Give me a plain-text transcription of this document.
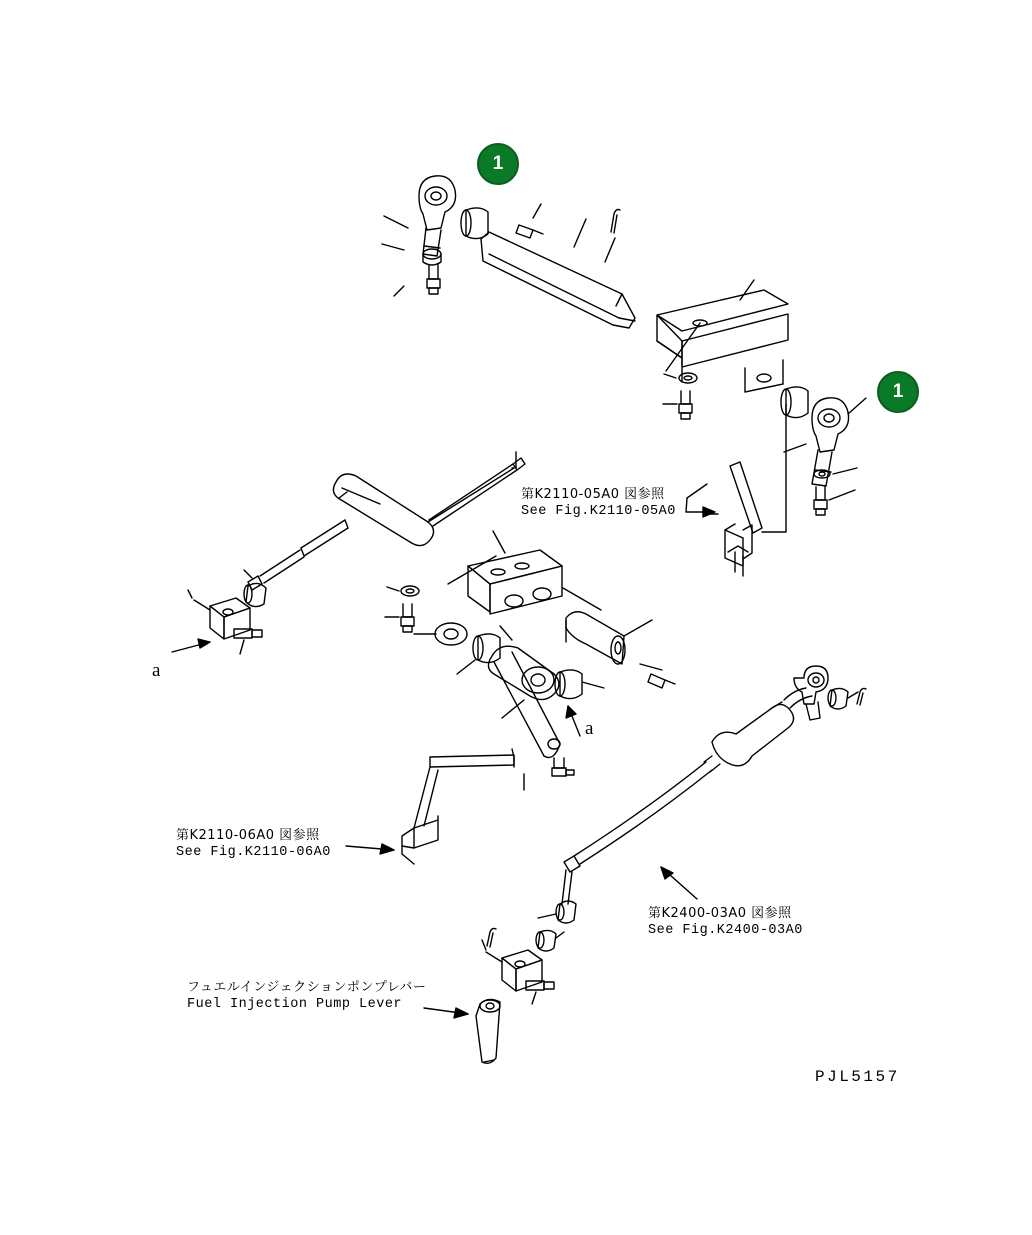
1
1
第K2110-05A0 図参照
See Fig.K2110-05A0
第K2110-06A0 図参照
See Fig.K2110-06A0
第K2400-03A0 図参照
See Fig.K2400-03A0
フュエルインジェクションポンプレバー
Fuel Injection Pump Lever
a
a
PJL5157
